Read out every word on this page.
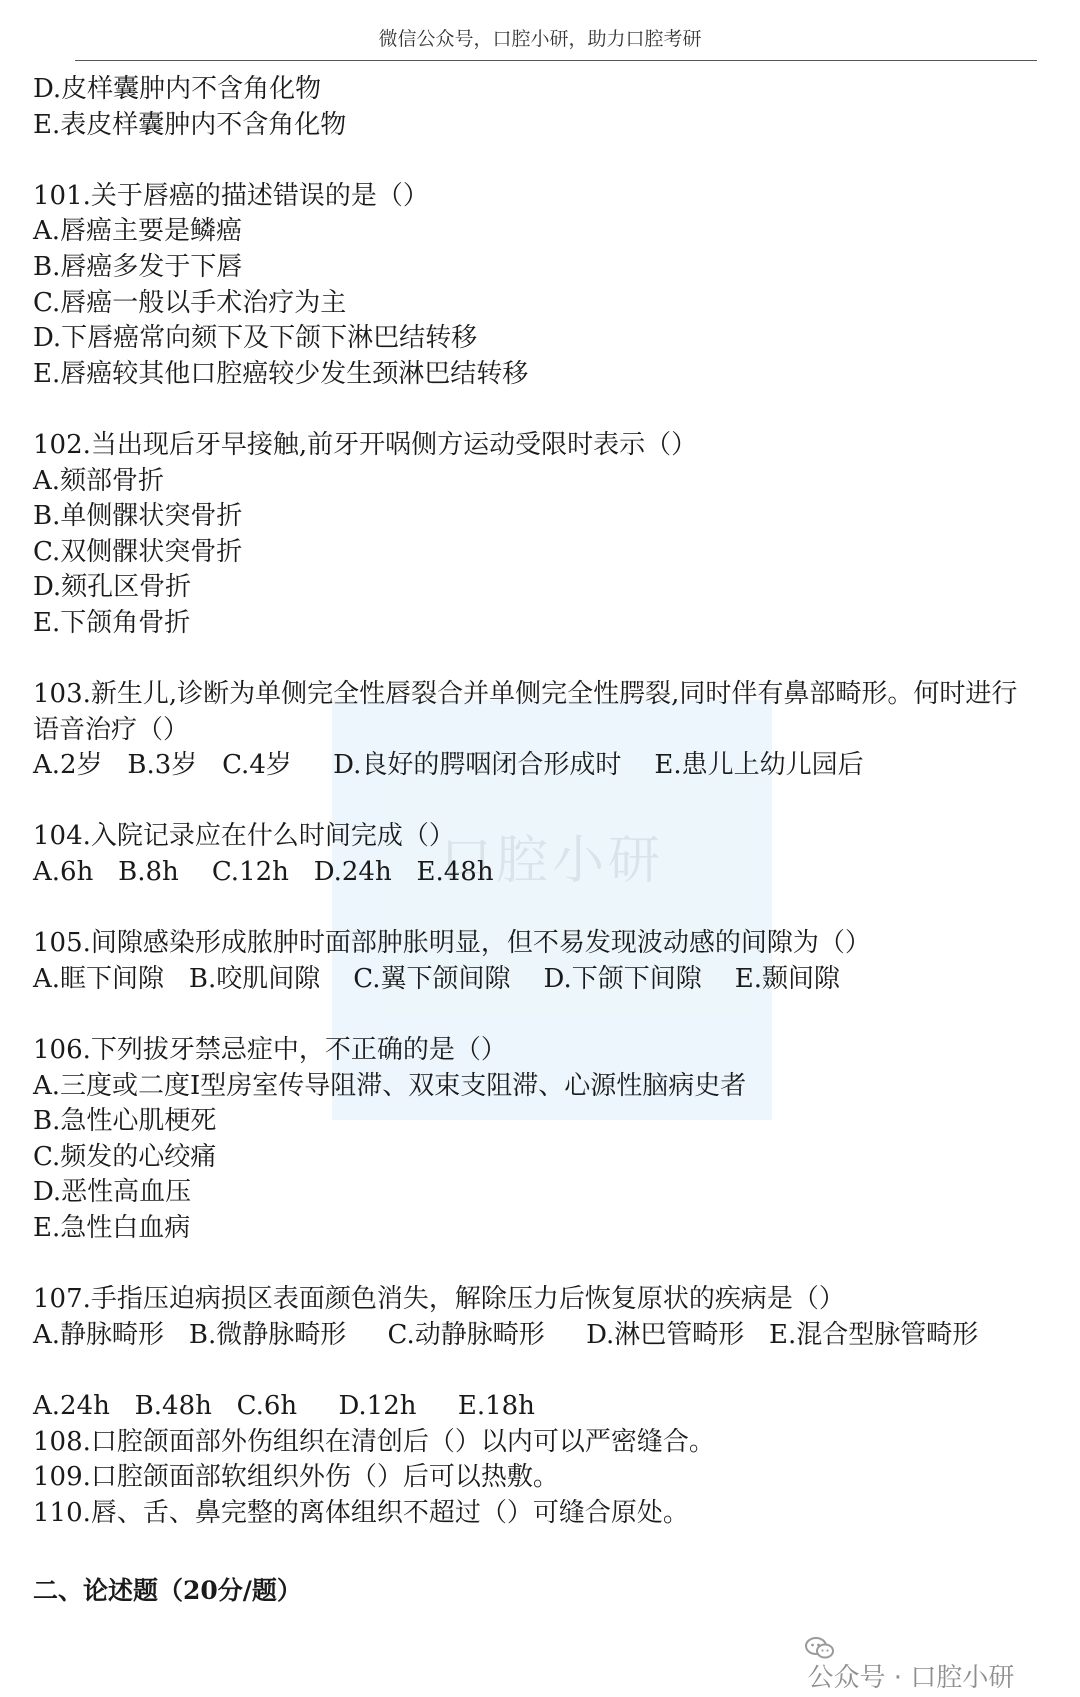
微信公众号，口腔小研，助力口腔考研
口腔小研
D.皮样囊肿内不含角化物
E.表皮样囊肿内不含角化物
101.关于唇癌的描述错误的是（）
A.唇癌主要是鳞癌
B.唇癌多发于下唇
C.唇癌一般以手术治疗为主
D.下唇癌常向颏下及下颌下淋巴结转移
E.唇癌较其他口腔癌较少发生颈淋巴结转移
102.当出现后牙早接触,前牙开㖞侧方运动受限时表示（）
A.颏部骨折
B.单侧髁状突骨折
C.双侧髁状突骨折
D.颏孔区骨折
E.下颌角骨折
103.新生儿,诊断为单侧完全性唇裂合并单侧完全性腭裂,同时伴有鼻部畸形。何时进行
语音治疗（）
A.2岁   B.3岁   C.4岁     D.良好的腭咽闭合形成时    E.患儿上幼儿园后
104.入院记录应在什么时间完成（）
A.6h   B.8h    C.12h   D.24h   E.48h
105.间隙感染形成脓肿时面部肿胀明显，但不易发现波动感的间隙为（）
A.眶下间隙   B.咬肌间隙    C.翼下颌间隙    D.下颌下间隙    E.颞间隙
106.下列拔牙禁忌症中，不正确的是（）
A.三度或二度Ⅰ型房室传导阻滞、双束支阻滞、心源性脑病史者
B.急性心肌梗死
C.频发的心绞痛
D.恶性高血压
E.急性白血病
107.手指压迫病损区表面颜色消失，解除压力后恢复原状的疾病是（）
A.静脉畸形   B.微静脉畸形     C.动静脉畸形     D.淋巴管畸形   E.混合型脉管畸形
A.24h   B.48h   C.6h     D.12h     E.18h
108.口腔颌面部外伤组织在清创后（）以内可以严密缝合。
109.口腔颌面部软组织外伤（）后可以热敷。
110.唇、舌、鼻完整的离体组织不超过（）可缝合原处。
二、论述题（20分/题）

公众号 · 口腔小研
